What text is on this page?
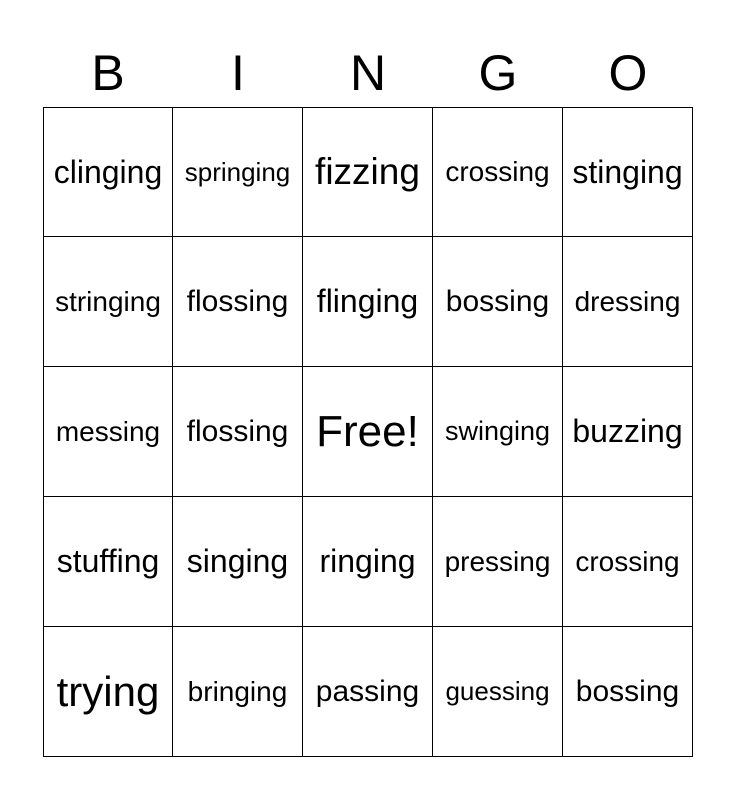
B	I	N	G	O
clinging springing fizzing crossing stinging
stringing flossing flinging bossing dressing
messing flossing Free! swinging buzzing
stuffing singing ringing pressing crossing
trying bringing passing guessing bossing
